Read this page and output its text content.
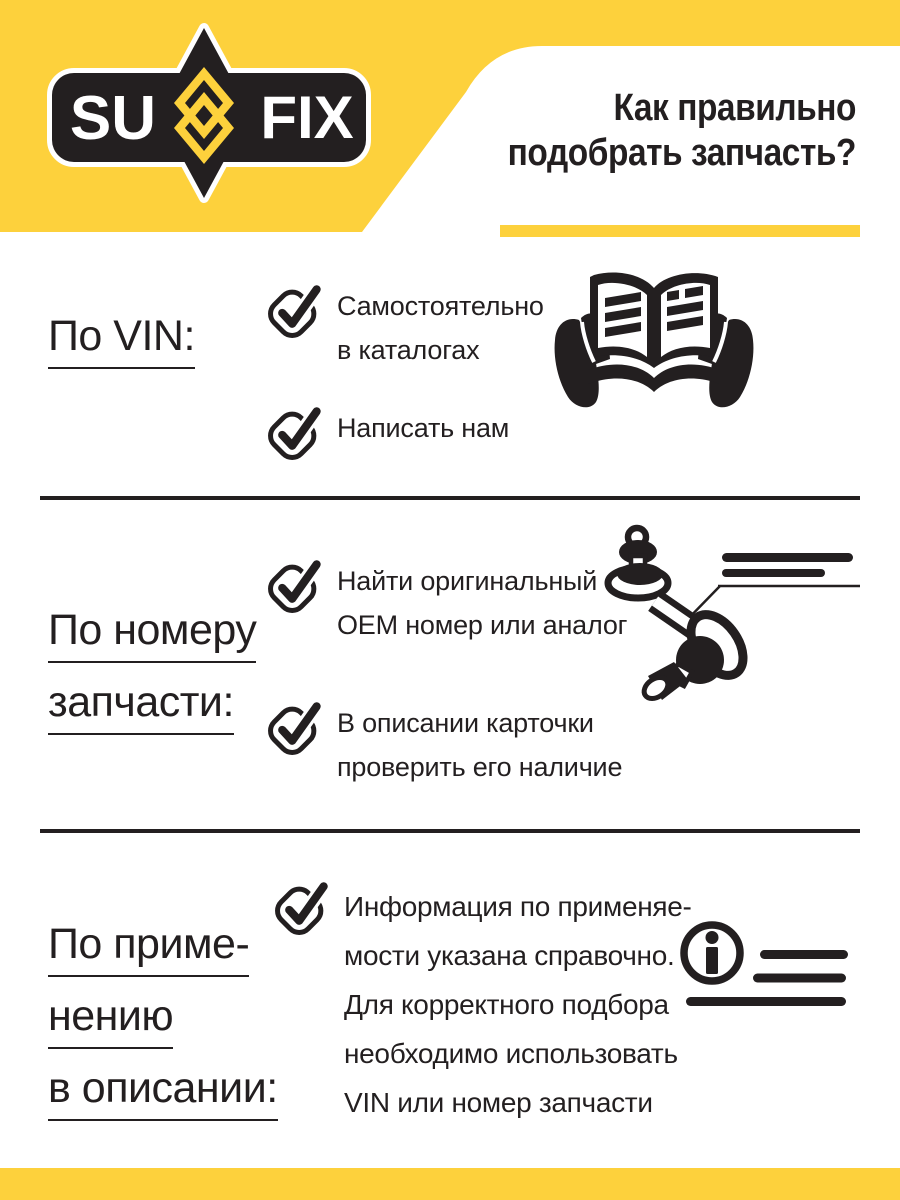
SU FIX	Как правильно
подобрать запчасть?
По VIN:
Самостоятельно
в каталогах
Написать нам
По номеру
запчасти:
Найти оригинальный
OEM номер или аналог
В описании карточки
проверить его наличие
По приме-
нению
в описании:
Информация по применяе-
мости указана справочно.
Для корректного подбора
необходимо использовать
VIN или номер запчасти
